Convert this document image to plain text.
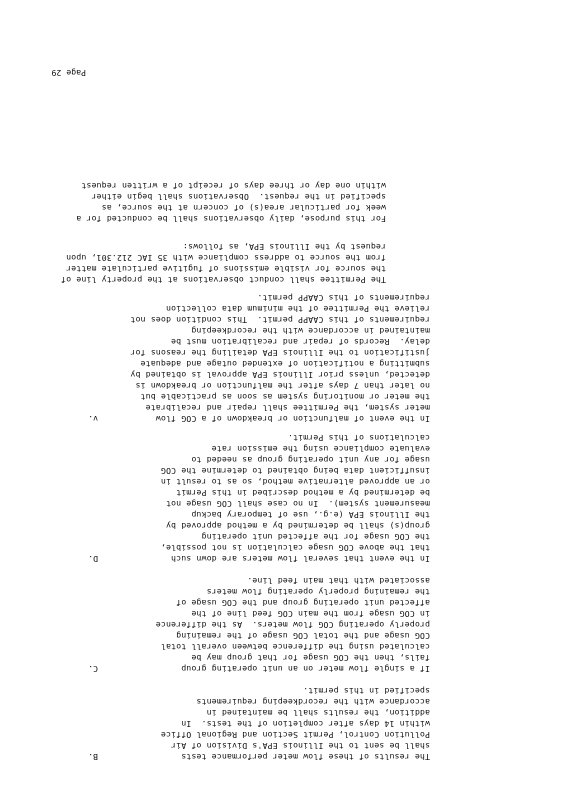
Page 29
B.	The results of these flow meter performance tests
shall be sent to the Illinois EPA's Division of Air
Pollution Control, Permit Section and Regional Office
within 14 days after completion of the tests.  In
addition, the results shall be maintained in
accordance with the recordkeeping requirements
specified in this permit.
C.	If a single flow meter on an unit operating group
fails, then the COG usage for that group may be
calculated using the difference between overall total
COG usage and the total COG usage of the remaining
properly operating COG flow meters.  As the difference
in COG usage from the main COG feed line of the
affected unit operating group and the COG usage of
the remaining properly operating flow meters
associated with that main feed line.
D.	In the event that several flow meters are down such
that the above COG usage calculation is not possible,
the COG usage for the affected unit operating
group(s) shall be determined by a method approved by
the Illinois EPA (e.g., use of temporary backup
measurement system).  In no case shall COG usage not
be determined by a method described in this Permit
or an approved alternative method, so as to result in
insufficient data being obtained to determine the COG
usage for any unit operating group as needed to
evaluate compliance using the emission rate
calculations of this Permit.
v.	In the event of malfunction or breakdown of a COG flow
meter system, the Permittee shall repair and recalibrate
the meter or monitoring system as soon as practicable but
no later than 7 days after the malfunction or breakdown is
detected, unless prior Illinois EPA approval is obtained by
submitting a notification of extended outage and adequate
justification to the Illinois EPA detailing the reasons for
delay.  Records of repair and recalibration must be
maintained in accordance with the recordkeeping
requirements of this CAAPP permit.  This condition does not
relieve the Permittee of the minimum data collection
requirements of this CAAPP permit.
The Permittee shall conduct observations at the property line of
the source for visible emissions of fugitive particulate matter
from the source to address compliance with 35 IAC 212.301, upon
request by the Illinois EPA, as follows:
For this purpose, daily observations shall be conducted for a
week for particular area(s) of concern at the source, as
specified in the request.  Observations shall begin either
within one day or three days of receipt of a written request
